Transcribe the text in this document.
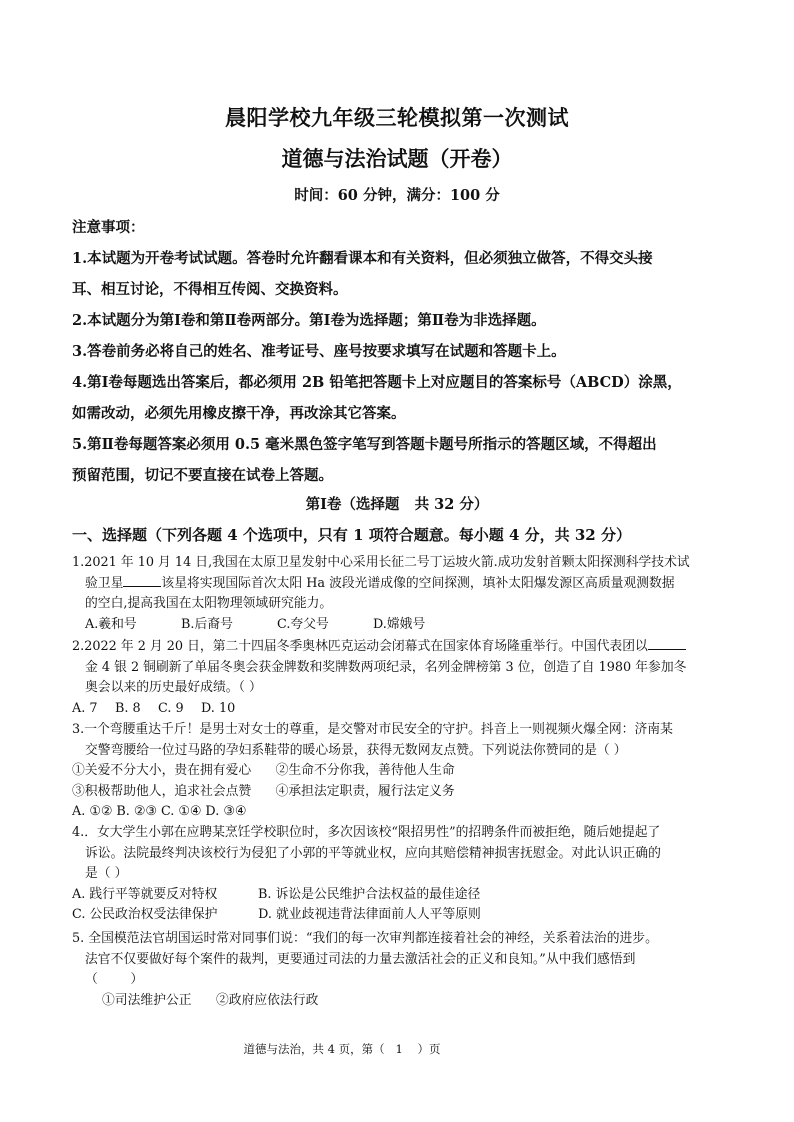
晨阳学校九年级三轮模拟第一次测试
道德与法治试题（开卷）
时间：60 分钟，满分：100 分
注意事项：
1.本试题为开卷考试试题。答卷时允许翻看课本和有关资料，但必须独立做答，不得交头接
耳、相互讨论，不得相互传阅、交换资料。
2.本试题分为第Ⅰ卷和第Ⅱ卷两部分。第Ⅰ卷为选择题；第Ⅱ卷为非选择题。
3.答卷前务必将自己的姓名、准考证号、座号按要求填写在试题和答题卡上。
4.第Ⅰ卷每题选出答案后，都必须用 2B 铅笔把答题卡上对应题目的答案标号（ABCD）涂黑，
如需改动，必须先用橡皮擦干净，再改涂其它答案。
5.第Ⅱ卷每题答案必须用 0.5 毫米黑色签字笔写到答题卡题号所指示的答题区域，不得超出
预留范围，切记不要直接在试卷上答题。
第Ⅰ卷（选择题   共 32 分）
一、选择题（下列各题 4 个选项中，只有 1 项符合题意。每小题 4 分，共 32 分）
1.2021 年 10 月 14 日,我国在太原卫星发射中心采用长征二号丁运坡火箭.成功发射首颗太阳探测科学技术试
验卫星	该星将实现国际首次太阳 Ha 波段光谱成像的空间探测，填补太阳爆发源区高质量观测数据
的空白,提高我国在太阳物理领域研究能力。
A.羲和号	B.后裔号	C.夸父号	D.嫦娥号
2.2022 年 2 月 20 日，第二十四届冬季奥林匹克运动会闭幕式在国家体育场隆重举行。中国代表团以
金 4 银 2 铜刷新了单届冬奥会获金牌数和奖牌数两项纪录，名列金牌榜第 3 位，创造了自 1980 年参加冬
奥会以来的历史最好成绩。（ ）
A. 7 B. 8 C. 9 D. 10
3.一个弯腰重达千斤！是男士对女士的尊重，是交警对市民安全的守护。抖音上一则视频火爆全网：济南某
交警弯腰给一位过马路的孕妇系鞋带的暖心场景，获得无数网友点赞。下列说法你赞同的是（ ）
①关爱不分大小，贵在拥有爱心      ②生命不分你我，善待他人生命
③积极帮助他人，追求社会点赞      ④承担法定职责，履行法定义务
A. ①② B. ②③ C. ①④ D. ③④
4.．女大学生小郭在应聘某烹饪学校职位时，多次因该校“限招男性”的招聘条件而被拒绝，随后她提起了
诉讼。法院最终判决该校行为侵犯了小郭的平等就业权，应向其赔偿精神损害抚慰金。对此认识正确的
是（ ）
A. 践行平等就要反对特权          B. 诉讼是公民维护合法权益的最佳途径
C. 公民政治权受法律保护          D. 就业歧视违背法律面前人人平等原则
5. 全国模范法官胡国运时常对同事们说：“我们的每一次审判都连接着社会的神经，关系着法治的进步。
法官不仅要做好每个案件的裁判，更要通过司法的力量去激活社会的正义和良知。”从中我们感悟到
（        ）
①司法维护公正      ②政府应依法行政
道德与法治，共 4 页，第（   1    ）页
